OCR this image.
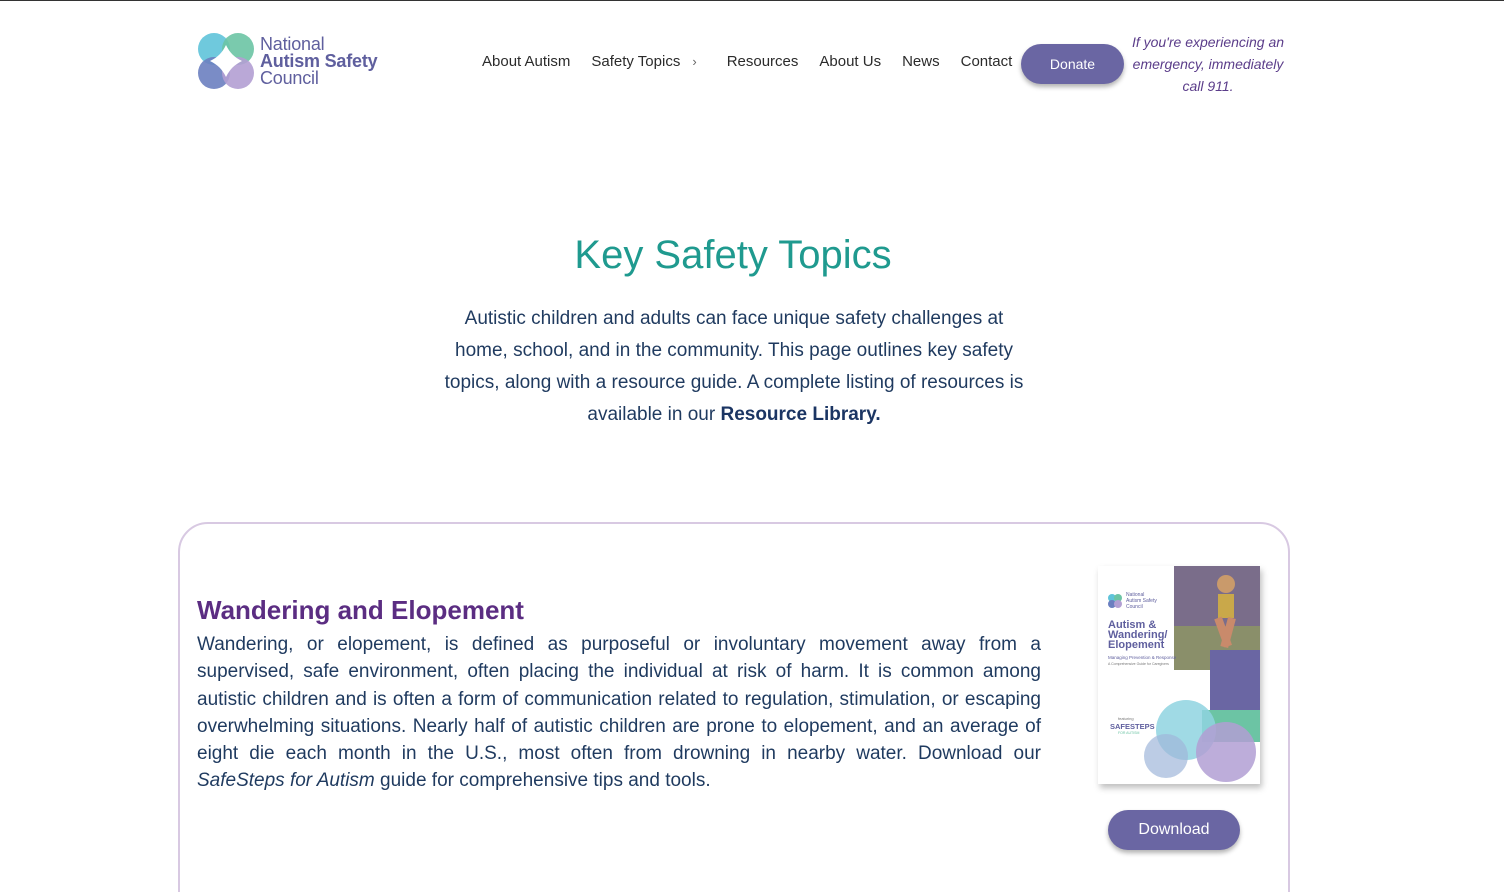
National
Autism Safety
Council
About Autism Safety Topics › Resources About Us News Contact	Donate
If you're experiencing an emergency, immediately call 911.
Key Safety Topics

Autistic children and adults can face unique safety challenges at home, school, and in the community. This page outlines key safety topics, along with a resource guide. A complete listing of resources is available in our Resource Library.

Wandering and Elopement

Wandering, or elopement, is defined as purposeful or involuntary movement away from a supervised, safe environment, often placing the individual at risk of harm. It is common among autistic children and is often a form of communication related to regulation, stimulation, or escaping overwhelming situations. Nearly half of autistic children are prone to elopement, and an average of eight die each month in the U.S., most often from drowning in nearby water. Download our SafeSteps for Autism guide for comprehensive tips and tools.

National
Autism Safety
Council
Autism &
Wandering/
Elopement
Managing Prevention & Response
A Comprehensive Guide for Caregivers
featuring
SAFESTEPS
FOR AUTISM
Download
